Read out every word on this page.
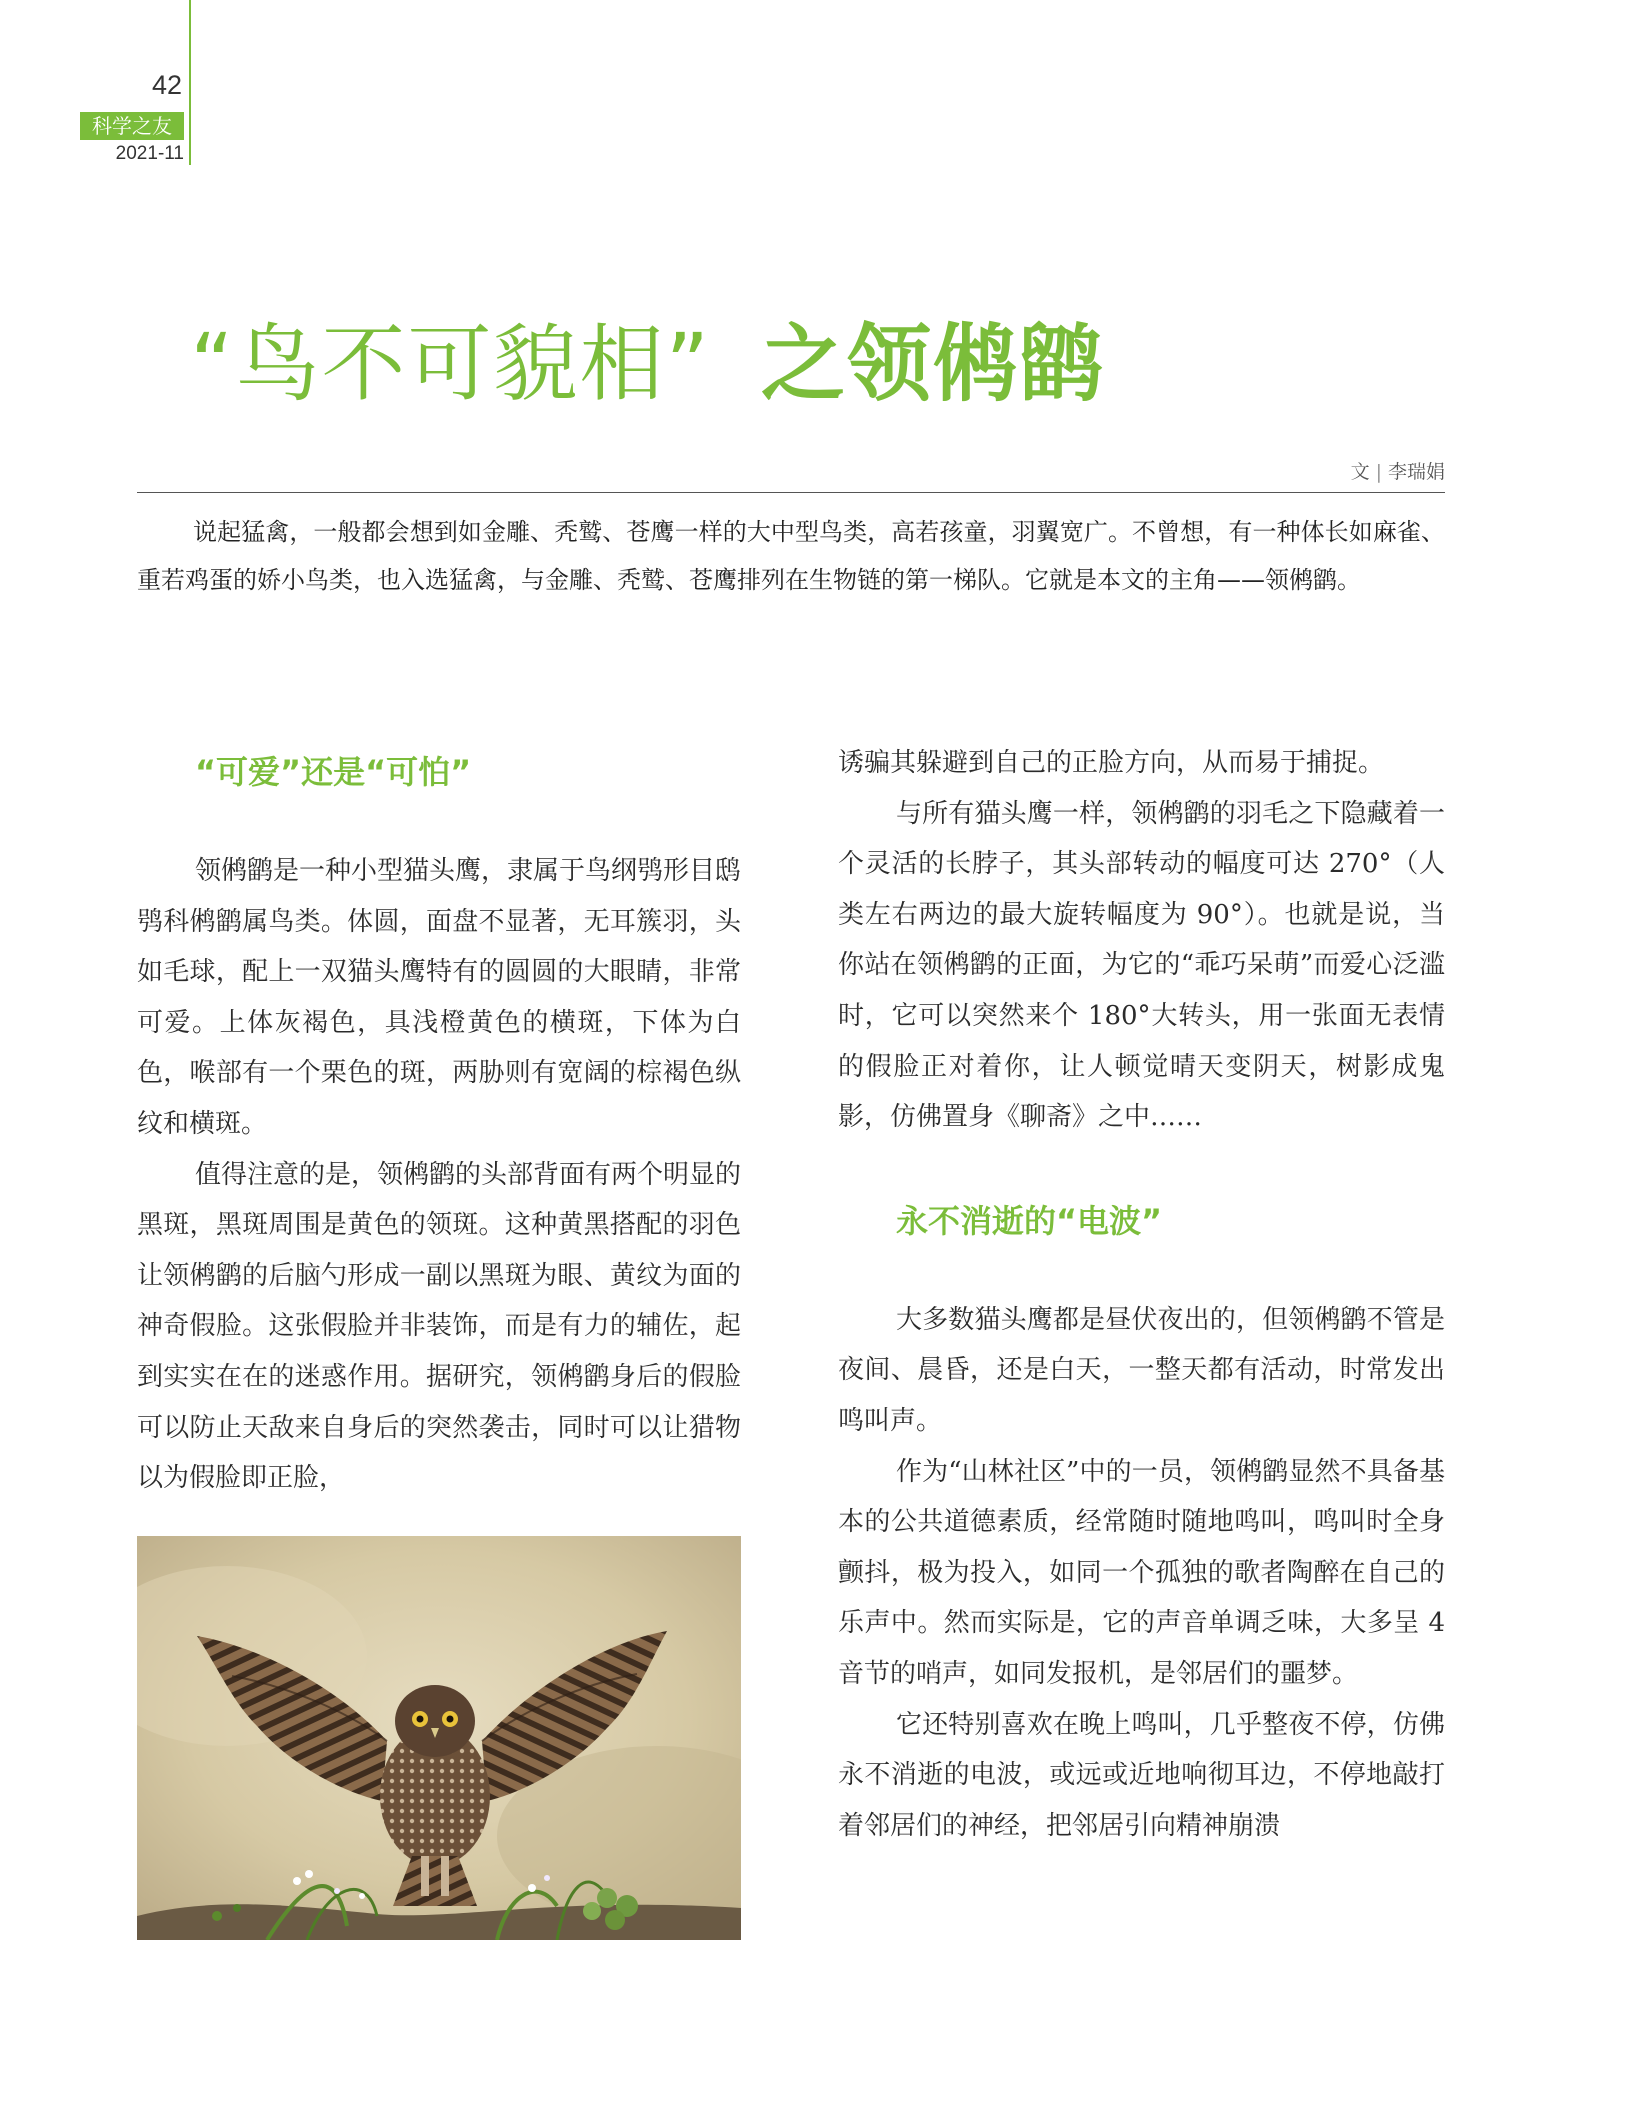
42
科学之友
2021-11
“鸟不可貌相” 之领鸺鹠
文 | 李瑞娟

说起猛禽，一般都会想到如金雕、秃鹫、苍鹰一样的大中型鸟类，高若孩童，羽翼宽广。不曾想，有一种体长如麻雀、重若鸡蛋的娇小鸟类，也入选猛禽，与金雕、秃鹫、苍鹰排列在生物链的第一梯队。它就是本文的主角——领鸺鹠。

“可爱”还是“可怕”

领鸺鹠是一种小型猫头鹰，隶属于鸟纲鸮形目鸱鸮科鸺鹠属鸟类。体圆，面盘不显著，无耳簇羽，头如毛球，配上一双猫头鹰特有的圆圆的大眼睛，非常可爱。上体灰褐色，具浅橙黄色的横斑，下体为白色，喉部有一个栗色的斑，两胁则有宽阔的棕褐色纵纹和横斑。

值得注意的是，领鸺鹠的头部背面有两个明显的黑斑，黑斑周围是黄色的领斑。这种黄黑搭配的羽色让领鸺鹠的后脑勺形成一副以黑斑为眼、黄纹为面的神奇假脸。这张假脸并非装饰，而是有力的辅佐，起到实实在在的迷惑作用。据研究，领鸺鹠身后的假脸可以防止天敌来自身后的突然袭击，同时可以让猎物以为假脸即正脸，

诱骗其躲避到自己的正脸方向，从而易于捕捉。

与所有猫头鹰一样，领鸺鹠的羽毛之下隐藏着一个灵活的长脖子，其头部转动的幅度可达 270°（人类左右两边的最大旋转幅度为 90°）。也就是说，当你站在领鸺鹠的正面，为它的“乖巧呆萌”而爱心泛滥时，它可以突然来个 180°大转头，用一张面无表情的假脸正对着你，让人顿觉晴天变阴天，树影成鬼影，仿佛置身《聊斋》之中……

永不消逝的“电波”

大多数猫头鹰都是昼伏夜出的，但领鸺鹠不管是夜间、晨昏，还是白天，一整天都有活动，时常发出鸣叫声。

作为“山林社区”中的一员，领鸺鹠显然不具备基本的公共道德素质，经常随时随地鸣叫，鸣叫时全身颤抖，极为投入，如同一个孤独的歌者陶醉在自己的乐声中。然而实际是，它的声音单调乏味，大多呈 4 音节的哨声，如同发报机，是邻居们的噩梦。

它还特别喜欢在晚上鸣叫，几乎整夜不停，仿佛永不消逝的电波，或远或近地响彻耳边，不停地敲打着邻居们的神经，把邻居引向精神崩溃
